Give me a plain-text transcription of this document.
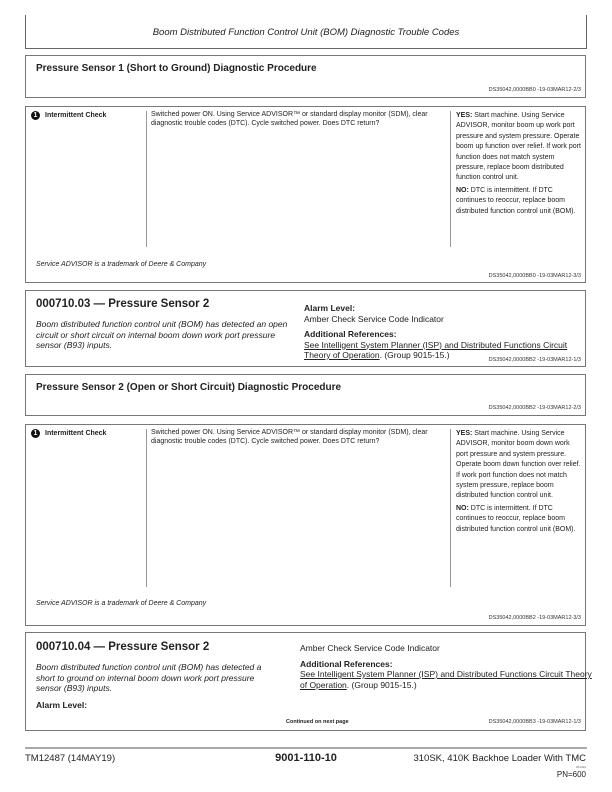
Boom Distributed Function Control Unit (BOM) Diagnostic Trouble Codes
Pressure Sensor 1 (Short to Ground) Diagnostic Procedure
DS35042,0000BB0 -19-03MAR12-2/3
1	Intermittent Check	Switched power ON. Using Service ADVISOR™ or standard display monitor (SDM), clear diagnostic trouble codes (DTC). Cycle switched power. Does DTC return?
YES: Start machine. Using Service ADVISOR, monitor boom up work port pressure and system pressure. Operate boom up function over relief. If work port function does not match system pressure, replace boom distributed function control unit.
NO: DTC is intermittent. If DTC continues to reoccur, replace boom distributed function control unit (BOM).
Service ADVISOR is a trademark of Deere & Company
DS35042,0000BB0 -19-03MAR12-3/3
000710.03 — Pressure Sensor 2
Boom distributed function control unit (BOM) has detected an open circuit or short circuit on internal boom down work port pressure sensor (B93) inputs.
Alarm Level:
Amber Check Service Code Indicator
Additional References:
See Intelligent System Planner (ISP) and Distributed Functions Circuit Theory of Operation. (Group 9015-15.)	DS35042,0000BB2 -19-03MAR12-1/3
Pressure Sensor 2 (Open or Short Circuit) Diagnostic Procedure
DS35042,0000BB2 -19-03MAR12-2/3
1	Intermittent Check	Switched power ON. Using Service ADVISOR™ or standard display monitor (SDM), clear diagnostic trouble codes (DTC). Cycle switched power. Does DTC return?
YES: Start machine. Using Service ADVISOR, monitor boom down work port pressure and system pressure. Operate boom down function over relief. If work port function does not match system pressure, replace boom distributed function control unit.
NO: DTC is intermittent. If DTC continues to reoccur, replace boom distributed function control unit (BOM).
Service ADVISOR is a trademark of Deere & Company
DS35042,0000BB2 -19-03MAR12-3/3
000710.04 — Pressure Sensor 2
Boom distributed function control unit (BOM) has detected a short to ground on internal boom down work port pressure sensor (B93) inputs.
Alarm Level:
Amber Check Service Code Indicator
Additional References:
See Intelligent System Planner (ISP) and Distributed Functions Circuit Theory of Operation. (Group 9015-15.)
Continued on next page	DS35042,0000BB3 -19-03MAR12-1/3
TM12487 (14MAY19)	9001-110-10	310SK, 410K Backhoe Loader With TMC
051419
PN=600
